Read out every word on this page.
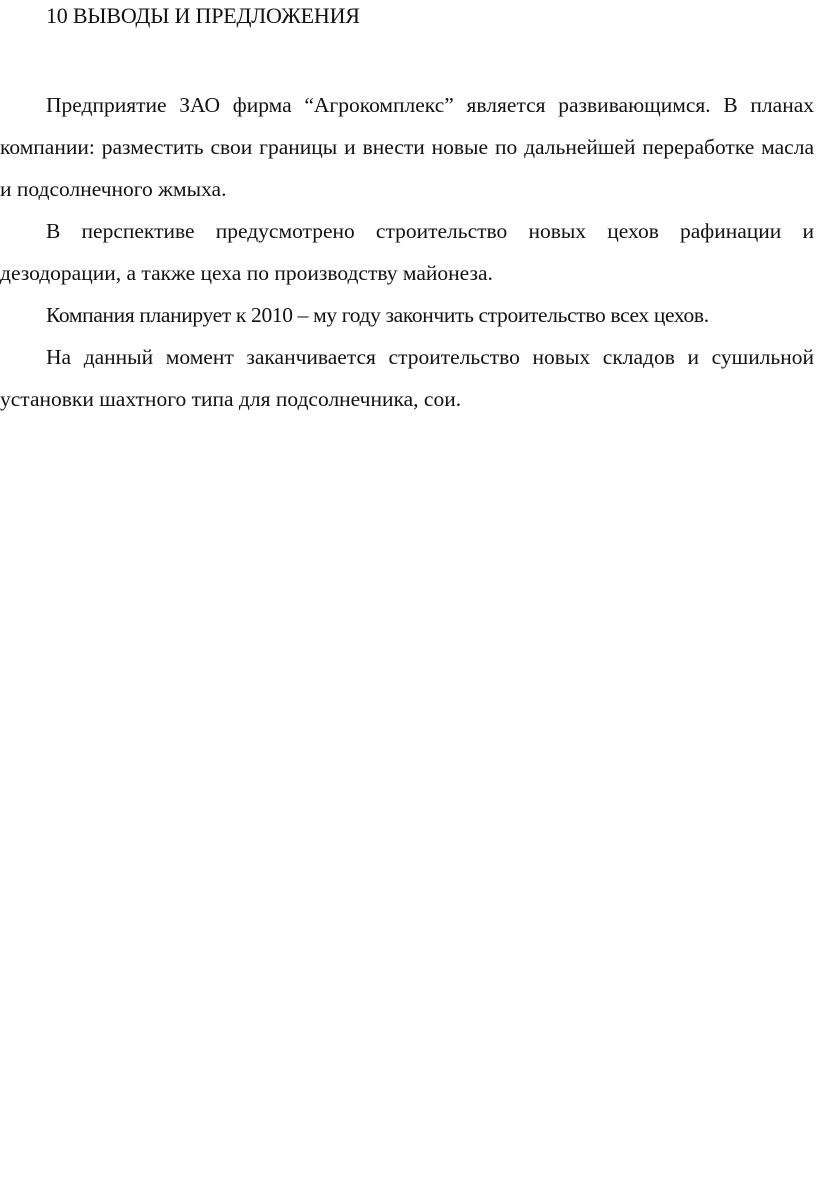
10 ВЫВОДЫ И ПРЕДЛОЖЕНИЯ

Предприятие ЗАО фирма “Агрокомплекс” является развивающимся. В планах компании: разместить свои границы и внести новые по дальнейшей переработке масла и подсолнечного жмыха.

В перспективе предусмотрено строительство новых цехов рафинации и дезодорации, а также цеха по производству майонеза.

Компания планирует к 2010 – му году закончить строительство всех цехов.

На данный момент заканчивается строительство новых складов и сушильной установки шахтного типа для подсолнечника, сои.
